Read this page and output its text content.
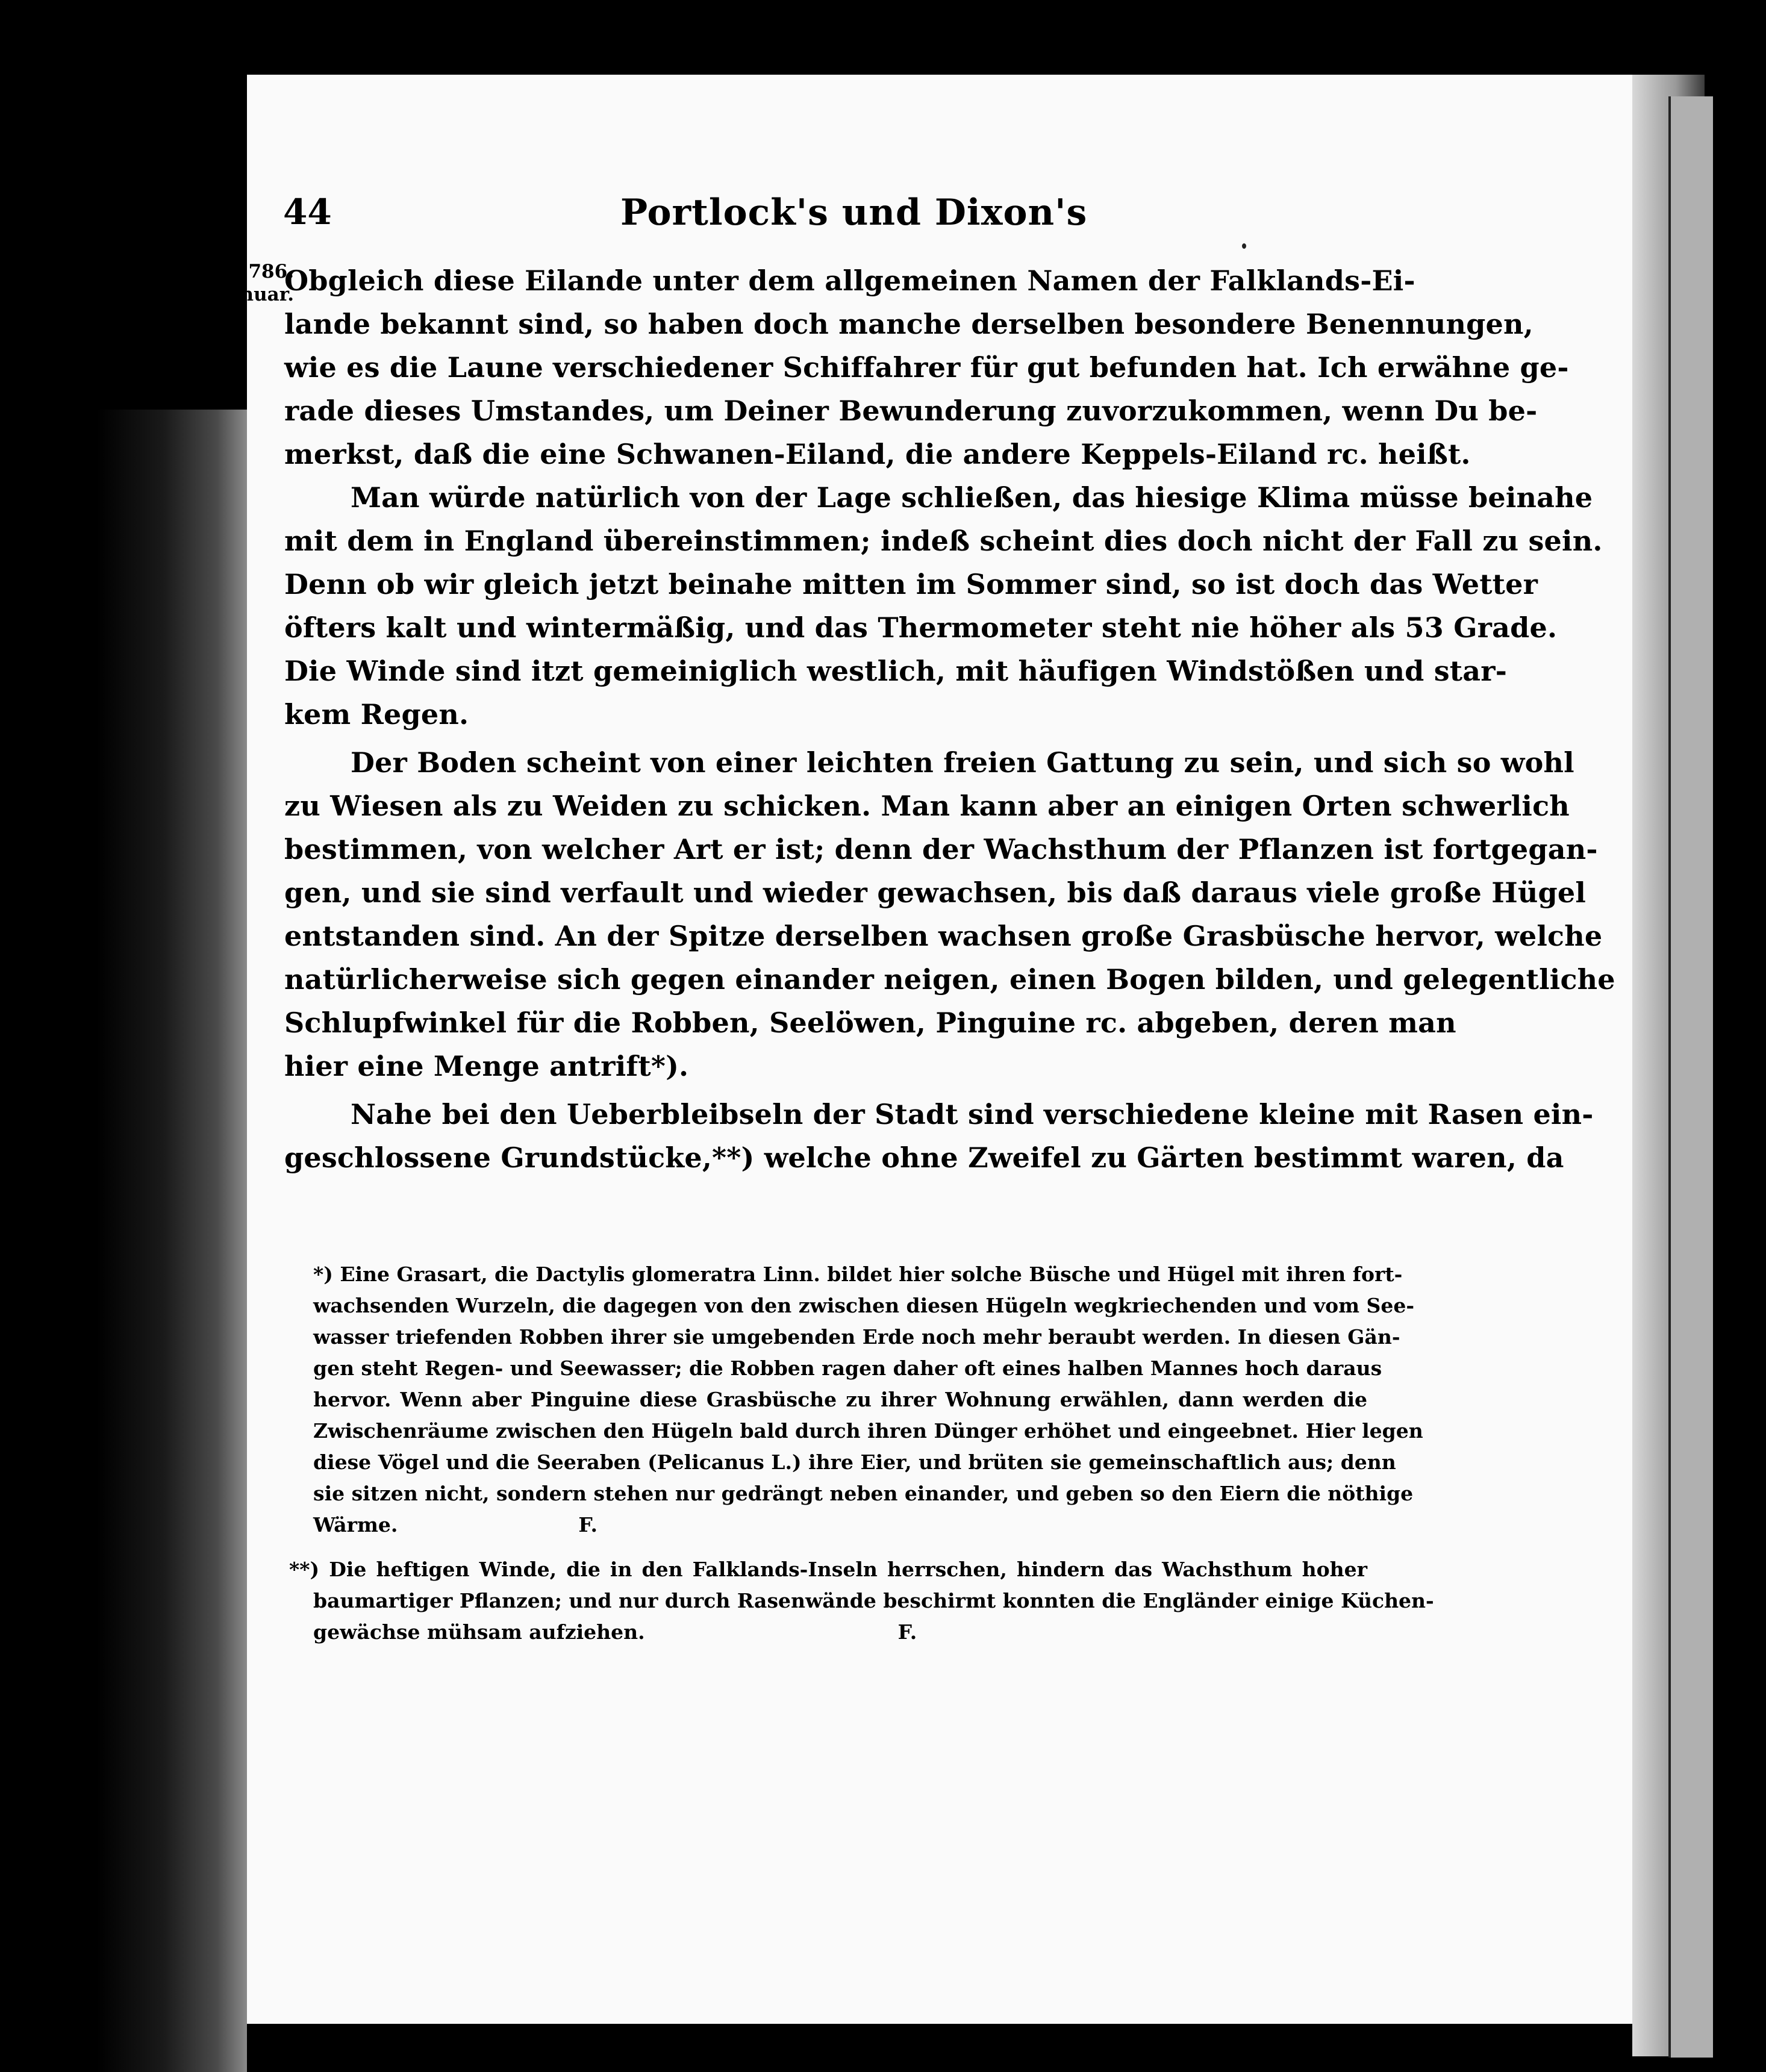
44	Portlock's und Dixon's
1786.
Januar.
Obgleich diese Eilande unter dem allgemeinen Namen der Falklands-Ei-
lande bekannt sind, so haben doch manche derselben besondere Benennungen,
wie es die Laune verschiedener Schiffahrer für gut befunden hat. Ich erwähne ge-
rade dieses Umstandes, um Deiner Bewunderung zuvorzukommen, wenn Du be-
merkst, daß die eine Schwanen-Eiland, die andere Keppels-Eiland rc. heißt.
Man würde natürlich von der Lage schließen, das hiesige Klima müsse beinahe
mit dem in England übereinstimmen; indeß scheint dies doch nicht der Fall zu sein.
Denn ob wir gleich jetzt beinahe mitten im Sommer sind, so ist doch das Wetter
öfters kalt und wintermäßig, und das Thermometer steht nie höher als 53 Grade.
Die Winde sind itzt gemeiniglich westlich, mit häufigen Windstößen und star-
kem Regen.
Der Boden scheint von einer leichten freien Gattung zu sein, und sich so wohl
zu Wiesen als zu Weiden zu schicken. Man kann aber an einigen Orten schwerlich
bestimmen, von welcher Art er ist; denn der Wachsthum der Pflanzen ist fortgegan-
gen, und sie sind verfault und wieder gewachsen, bis daß daraus viele große Hügel
entstanden sind. An der Spitze derselben wachsen große Grasbüsche hervor, welche
natürlicherweise sich gegen einander neigen, einen Bogen bilden, und gelegentliche
Schlupfwinkel für die Robben, Seelöwen, Pinguine rc. abgeben, deren man
hier eine Menge antrift*).
Nahe bei den Ueberbleibseln der Stadt sind verschiedene kleine mit Rasen ein-
geschlossene Grundstücke,**) welche ohne Zweifel zu Gärten bestimmt waren, da
*) Eine Grasart, die Dactylis glomeratra Linn. bildet hier solche Büsche und Hügel mit ihren fort-
wachsenden Wurzeln, die dagegen von den zwischen diesen Hügeln wegkriechenden und vom See-
wasser triefenden Robben ihrer sie umgebenden Erde noch mehr beraubt werden. In diesen Gän-
gen steht Regen- und Seewasser; die Robben ragen daher oft eines halben Mannes hoch daraus
hervor. Wenn aber Pinguine diese Grasbüsche zu ihrer Wohnung erwählen, dann werden die
Zwischenräume zwischen den Hügeln bald durch ihren Dünger erhöhet und eingeebnet. Hier legen
diese Vögel und die Seeraben (Pelicanus L.) ihre Eier, und brüten sie gemeinschaftlich aus; denn
sie sitzen nicht, sondern stehen nur gedrängt neben einander, und geben so den Eiern die nöthige
Wärme.	F.
**) Die heftigen Winde, die in den Falklands-Inseln herrschen, hindern das Wachsthum hoher
baumartiger Pflanzen; und nur durch Rasenwände beschirmt konnten die Engländer einige Küchen-
gewächse mühsam aufziehen.	F.
